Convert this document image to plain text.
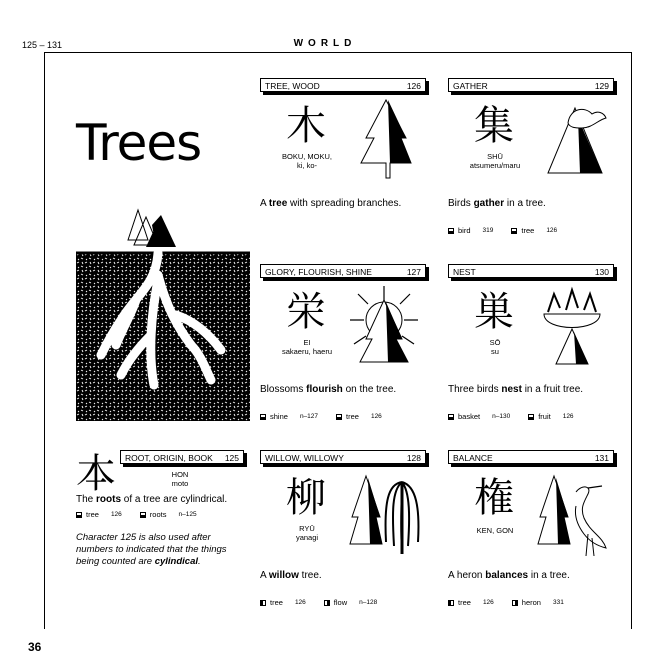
125 – 131	WORLD
36
Trees
TREE, WOOD	126
木
BOKU, MOKU,
ki, ko-
A tree with spreading branches.
GATHER	129
集
SHŪ
atsumeru/maru
Birds gather in a tree.
bird 319	tree 126
GLORY, FLOURISH, SHINE	127
栄
EI
sakaeru, haeru
Blossoms flourish on the tree.
shine n–127	tree 126
NEST	130
巣
SŌ
su
Three birds nest in a fruit tree.
basket n–130	fruit 126
WILLOW, WILLOWY	128
柳
RYŪ
yanagi
A willow tree.
tree 126	flow n–128
BALANCE	131
権
KEN, GON
A heron balances in a tree.
tree 126	heron 331
本 ROOT, ORIGIN, BOOK 125
HON
moto
The roots of a tree are cylindrical.
tree 126	roots n–125
Character 125 is also used after numbers to indicated that the things being counted are cylindical.
